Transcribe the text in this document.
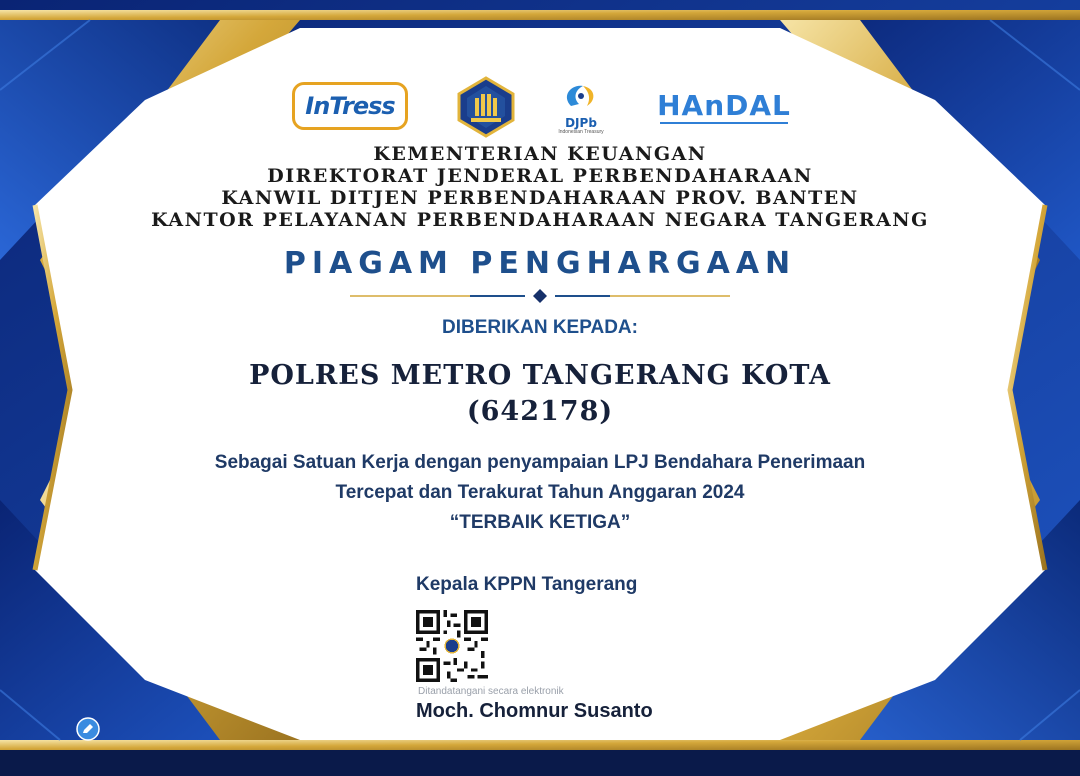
InTress
DJPb
Indonesian Treasury
HAnDAL
KEMENTERIAN KEUANGAN
DIREKTORAT JENDERAL PERBENDAHARAAN
KANWIL DITJEN PERBENDAHARAAN PROV. BANTEN
KANTOR PELAYANAN PERBENDAHARAAN NEGARA TANGERANG
PIAGAM PENGHARGAAN
DIBERIKAN KEPADA:
POLRES METRO TANGERANG KOTA
(642178)
Sebagai Satuan Kerja dengan penyampaian LPJ Bendahara Penerimaan
Tercepat dan Terakurat Tahun Anggaran 2024
“TERBAIK KETIGA”
Kepala KPPN Tangerang
Ditandatangani secara elektronik
Moch. Chomnur Susanto
